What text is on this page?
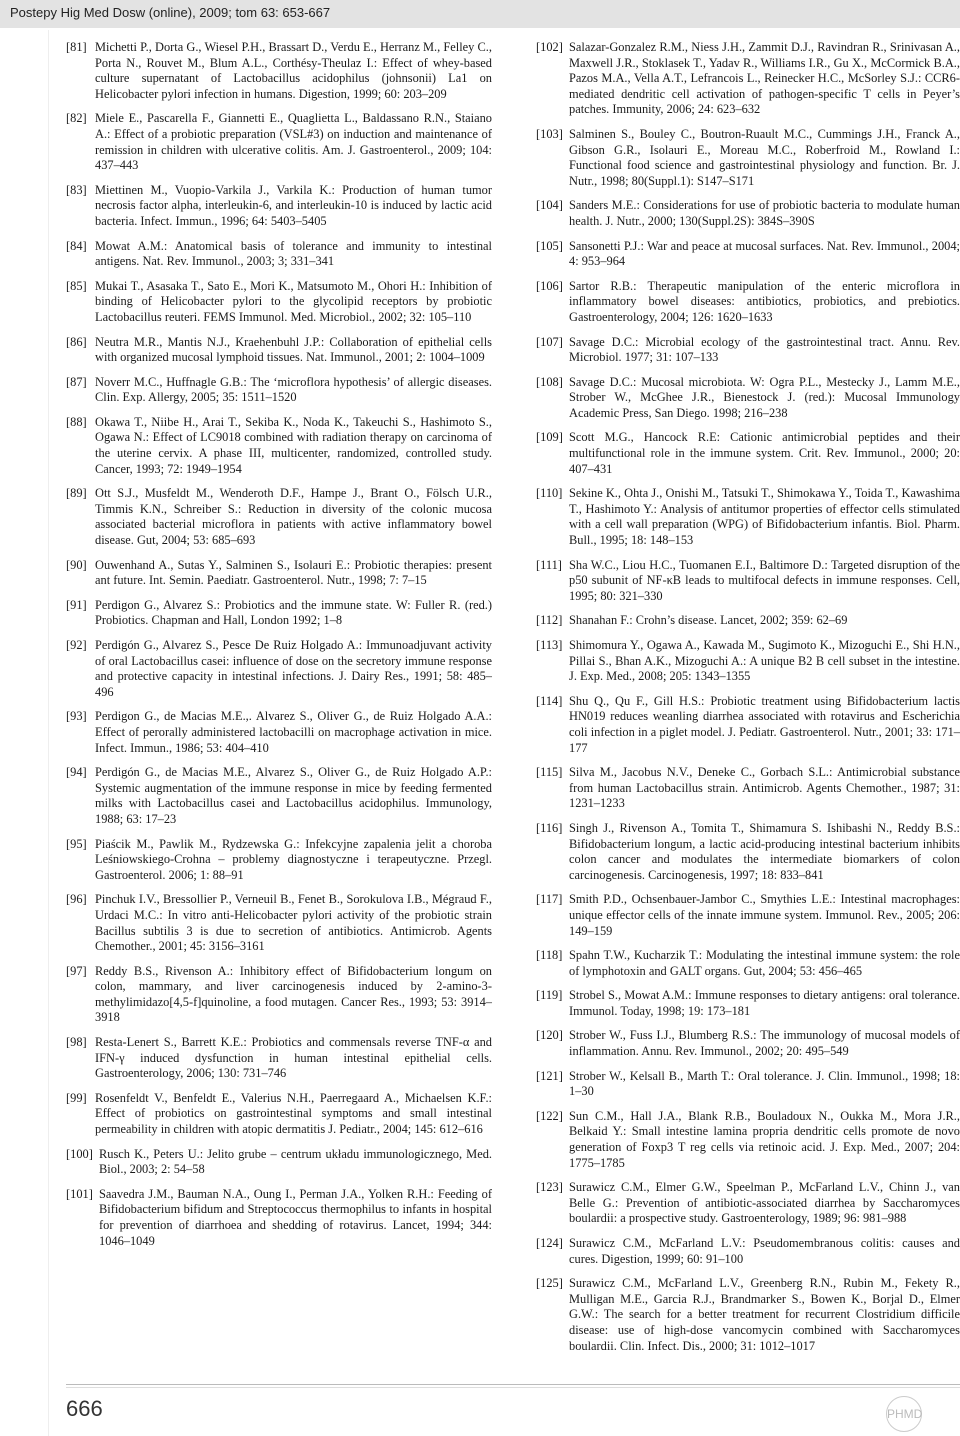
Postepy Hig Med Dosw (online), 2009; tom 63: 653-667

[81] Michetti P., Dorta G., Wiesel P.H., Brassart D., Verdu E., Herranz M., Felley C., Porta N., Rouvet M., Blum A.L., Corthésy-Theulaz I.: Effect of whey-based culture supernatant of Lactobacillus acidophilus (johnsonii) La1 on Helicobacter pylori infection in humans. Digestion, 1999; 60: 203–209

[82] Miele E., Pascarella F., Giannetti E., Quaglietta L., Baldassano R.N., Staiano A.: Effect of a probiotic preparation (VSL#3) on induction and maintenance of remission in children with ulcerative colitis. Am. J. Gastroenterol., 2009; 104: 437–443

[83] Miettinen M., Vuopio-Varkila J., Varkila K.: Production of human tumor necrosis factor alpha, interleukin-6, and interleukin-10 is induced by lactic acid bacteria. Infect. Immun., 1996; 64: 5403–5405

[84] Mowat A.M.: Anatomical basis of tolerance and immunity to intestinal antigens. Nat. Rev. Immunol., 2003; 3; 331–341

[85] Mukai T., Asasaka T., Sato E., Mori K., Matsumoto M., Ohori H.: Inhibition of binding of Helicobacter pylori to the glycolipid receptors by probiotic Lactobacillus reuteri. FEMS Immunol. Med. Microbiol., 2002; 32: 105–110

[86] Neutra M.R., Mantis N.J., Kraehenbuhl J.P.: Collaboration of epithelial cells with organized mucosal lymphoid tissues. Nat. Immunol., 2001; 2: 1004–1009

[87] Noverr M.C., Huffnagle G.B.: The ‘microflora hypothesis’ of allergic diseases. Clin. Exp. Allergy, 2005; 35: 1511–1520

[88] Okawa T., Niibe H., Arai T., Sekiba K., Noda K., Takeuchi S., Hashimoto S., Ogawa N.: Effect of LC9018 combined with radiation therapy on carcinoma of the uterine cervix. A phase III, multicenter, randomized, controlled study. Cancer, 1993; 72: 1949–1954

[89] Ott S.J., Musfeldt M., Wenderoth D.F., Hampe J., Brant O., Fölsch U.R., Timmis K.N., Schreiber S.: Reduction in diversity of the colonic mucosa associated bacterial microflora in patients with active inflammatory bowel disease. Gut, 2004; 53: 685–693

[90] Ouwenhand A., Sutas Y., Salminen S., Isolauri E.: Probiotic therapies: present ant future. Int. Semin. Paediatr. Gastroenterol. Nutr., 1998; 7: 7–15

[91] Perdigon G., Alvarez S.: Probiotics and the immune state. W: Fuller R. (red.) Probiotics. Chapman and Hall, London 1992; 1–8

[92] Perdigón G., Alvarez S., Pesce De Ruiz Holgado A.: Immunoadjuvant activity of oral Lactobacillus casei: influence of dose on the secretory immune response and protective capacity in intestinal infections. J. Dairy Res., 1991; 58: 485–496

[93] Perdigon G., de Macias M.E.,. Alvarez S., Oliver G., de Ruiz Holgado A.A.: Effect of perorally administered lactobacilli on macrophage activation in mice. Infect. Immun., 1986; 53: 404–410

[94] Perdigón G., de Macias M.E., Alvarez S., Oliver G., de Ruiz Holgado A.P.: Systemic augmentation of the immune response in mice by feeding fermented milks with Lactobacillus casei and Lactobacillus acidophilus. Immunology, 1988; 63: 17–23

[95] Piaścik M., Pawlik M., Rydzewska G.: Infekcyjne zapalenia jelit a choroba Leśniowskiego-Crohna – problemy diagnostyczne i terapeutyczne. Przegl. Gastroenterol. 2006; 1: 88–91

[96] Pinchuk I.V., Bressollier P., Verneuil B., Fenet B., Sorokulova I.B., Mégraud F., Urdaci M.C.: In vitro anti-Helicobacter pylori activity of the probiotic strain Bacillus subtilis 3 is due to secretion of antibiotics. Antimicrob. Agents Chemother., 2001; 45: 3156–3161

[97] Reddy B.S., Rivenson A.: Inhibitory effect of Bifidobacterium longum on colon, mammary, and liver carcinogenesis induced by 2-amino-3-methylimidazo[4,5-f]quinoline, a food mutagen. Cancer Res., 1993; 53: 3914–3918

[98] Resta-Lenert S., Barrett K.E.: Probiotics and commensals reverse TNF-α and IFN-γ induced dysfunction in human intestinal epithelial cells. Gastroenterology, 2006; 130: 731–746

[99] Rosenfeldt V., Benfeldt E., Valerius N.H., Paerregaard A., Michaelsen K.F.: Effect of probiotics on gastrointestinal symptoms and small intestinal permeability in children with atopic dermatitis J. Pediatr., 2004; 145: 612–616

[100] Rusch K., Peters U.: Jelito grube – centrum układu immunologicznego, Med. Biol., 2003; 2: 54–58

[101] Saavedra J.M., Bauman N.A., Oung I., Perman J.A., Yolken R.H.: Feeding of Bifidobacterium bifidum and Streptococcus thermophilus to infants in hospital for prevention of diarrhoea and shedding of rotavirus. Lancet, 1994; 344: 1046–1049

[102] Salazar-Gonzalez R.M., Niess J.H., Zammit D.J., Ravindran R., Srinivasan A., Maxwell J.R., Stoklasek T., Yadav R., Williams I.R., Gu X., McCormick B.A., Pazos M.A., Vella A.T., Lefrancois L., Reinecker H.C., McSorley S.J.: CCR6-mediated dendritic cell activation of pathogen-specific T cells in Peyer’s patches. Immunity, 2006; 24: 623–632

[103] Salminen S., Bouley C., Boutron-Ruault M.C., Cummings J.H., Franck A., Gibson G.R., Isolauri E., Moreau M.C., Roberfroid M., Rowland I.: Functional food science and gastrointestinal physiology and function. Br. J. Nutr., 1998; 80(Suppl.1): S147–S171

[104] Sanders M.E.: Considerations for use of probiotic bacteria to modulate human health. J. Nutr., 2000; 130(Suppl.2S): 384S–390S

[105] Sansonetti P.J.: War and peace at mucosal surfaces. Nat. Rev. Immunol., 2004; 4: 953–964

[106] Sartor R.B.: Therapeutic manipulation of the enteric microflora in inflammatory bowel diseases: antibiotics, probiotics, and prebiotics. Gastroenterology, 2004; 126: 1620–1633

[107] Savage D.C.: Microbial ecology of the gastrointestinal tract. Annu. Rev. Microbiol. 1977; 31: 107–133

[108] Savage D.C.: Mucosal microbiota. W: Ogra P.L., Mestecky J., Lamm M.E., Strober W., McGhee J.R., Bienestock J. (red.): Mucosal Immunology Academic Press, San Diego. 1998; 216–238

[109] Scott M.G., Hancock R.E: Cationic antimicrobial peptides and their multifunctional role in the immune system. Crit. Rev. Immunol., 2000; 20: 407–431

[110] Sekine K., Ohta J., Onishi M., Tatsuki T., Shimokawa Y., Toida T., Kawashima T., Hashimoto Y.: Analysis of antitumor properties of effector cells stimulated with a cell wall preparation (WPG) of Bifidobacterium infantis. Biol. Pharm. Bull., 1995; 18: 148–153

[111] Sha W.C., Liou H.C., Tuomanen E.I., Baltimore D.: Targeted disruption of the p50 subunit of NF-κB leads to multifocal defects in immune responses. Cell, 1995; 80: 321–330

[112] Shanahan F.: Crohn’s disease. Lancet, 2002; 359: 62–69

[113] Shimomura Y., Ogawa A., Kawada M., Sugimoto K., Mizoguchi E., Shi H.N., Pillai S., Bhan A.K., Mizoguchi A.: A unique B2 B cell subset in the intestine. J. Exp. Med., 2008; 205: 1343–1355

[114] Shu Q., Qu F., Gill H.S.: Probiotic treatment using Bifidobacterium lactis HN019 reduces weanling diarrhea associated with rotavirus and Escherichia coli infection in a piglet model. J. Pediatr. Gastroenterol. Nutr., 2001; 33: 171–177

[115] Silva M., Jacobus N.V., Deneke C., Gorbach S.L.: Antimicrobial substance from human Lactobacillus strain. Antimicrob. Agents Chemother., 1987; 31: 1231–1233

[116] Singh J., Rivenson A., Tomita T., Shimamura S. Ishibashi N., Reddy B.S.: Bifidobacterium longum, a lactic acid-producing intestinal bacterium inhibits colon cancer and modulates the intermediate biomarkers of colon carcinogenesis. Carcinogenesis, 1997; 18: 833–841

[117] Smith P.D., Ochsenbauer-Jambor C., Smythies L.E.: Intestinal macrophages: unique effector cells of the innate immune system. Immunol. Rev., 2005; 206: 149–159

[118] Spahn T.W., Kucharzik T.: Modulating the intestinal immune system: the role of lymphotoxin and GALT organs. Gut, 2004; 53: 456–465

[119] Strobel S., Mowat A.M.: Immune responses to dietary antigens: oral tolerance. Immunol. Today, 1998; 19: 173–181

[120] Strober W., Fuss I.J., Blumberg R.S.: The immunology of mucosal models of inflammation. Annu. Rev. Immunol., 2002; 20: 495–549

[121] Strober W., Kelsall B., Marth T.: Oral tolerance. J. Clin. Immunol., 1998; 18: 1–30

[122] Sun C.M., Hall J.A., Blank R.B., Bouladoux N., Oukka M., Mora J.R., Belkaid Y.: Small intestine lamina propria dendritic cells promote de novo generation of Foxp3 T reg cells via retinoic acid. J. Exp. Med., 2007; 204: 1775–1785

[123] Surawicz C.M., Elmer G.W., Speelman P., McFarland L.V., Chinn J., van Belle G.: Prevention of antibiotic-associated diarrhea by Saccharomyces boulardii: a prospective study. Gastroenterology, 1989; 96: 981–988

[124] Surawicz C.M., McFarland L.V.: Pseudomembranous colitis: causes and cures. Digestion, 1999; 60: 91–100

[125] Surawicz C.M., McFarland L.V., Greenberg R.N., Rubin M., Fekety R., Mulligan M.E., Garcia R.J., Brandmarker S., Bowen K., Borjal D., Elmer G.W.: The search for a better treatment for recurrent Clostridium difficile disease: use of high-dose vancomycin combined with Saccharomyces boulardii. Clin. Infect. Dis., 2000; 31: 1012–1017

666	PHMD
